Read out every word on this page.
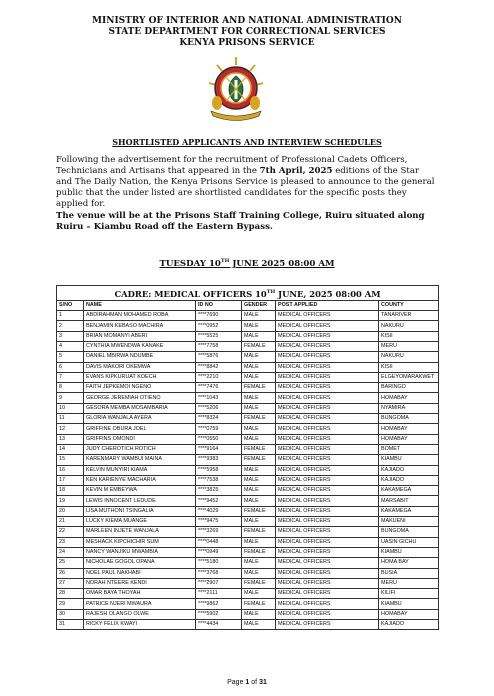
MINISTRY OF INTERIOR AND NATIONAL ADMINISTRATION
STATE DEPARTMENT FOR CORRECTIONAL SERVICES
KENYA PRISONS SERVICE
SHORTLISTED APPLICANTS AND INTERVIEW SCHEDULES
Following the advertisement for the recruitment of Professional Cadets Officers, Technicians and Artisans that appeared in the 7th April, 2025 editions of the Star and The Daily Nation, the Kenya Prisons Service is pleased to announce to the general public that the under listed are shortlisted candidates for the specific posts they applied for.
The venue will be at the Prisons Staff Training College, Ruiru situated along Ruiru – Kiambu Road off the Eastern Bypass.
TUESDAY 10TH JUNE 2025 08:00 AM
CADRE: MEDICAL OFFICERS 10TH JUNE, 2025 08:00 AM					
S/NO	NAME	ID NO	GENDER	POST APPLIED	COUNTY
1	ABDIRAHMAN MOHAMED ROBA	****7690	MALE	MEDICAL OFFICERS	TANARIVER
2	BENJAMIN KEBASO MACHIRA	****0952	MALE	MEDICAL OFFICERS	NAKURU
3	BRIAN MOMANYI ABERI	****5525	MALE	MEDICAL OFFICERS	KISII
4	CYNTHIA MWENDWA KANAKE	****7758	FEMALE	MEDICAL OFFICERS	MERU
5	DANIEL MBIRWA NDUMBE	****5876	MALE	MEDICAL OFFICERS	NAKURU
6	DAVIS MAKORI OKEMWA	****8842	MALE	MEDICAL OFFICERS	KISII
7	EVANS KIPKURUAT KOECH	****2210	MALE	MEDICAL OFFICERS	ELGEYOMARAKWET
8	FAITH JEPKEMOI NGENO	****7476	FEMALE	MEDICAL OFFICERS	BARINGO
9	GEORGE JEREMIAH OTIENO	****1043	MALE	MEDICAL OFFICERS	HOMABAY
10	GESORA MEMBA MOSAMBARIA	****5206	MALE	MEDICAL OFFICERS	NYAMIRA
11	GLORIA WANJALA AYERA	****8324	FEMALE	MEDICAL OFFICERS	BUNGOMA
12	GRIFFINE OBURA JOEL	****0759	MALE	MEDICAL OFFICERS	HOMABAY
13	GRIFFINS OMONDI	****0550	MALE	MEDICAL OFFICERS	HOMABAY
14	JUDY CHEROTICH ROTICH	****9164	FEMALE	MEDICAL OFFICERS	BOMET
15	KARENMARY WAMBUI MAINA	****9383	FEMALE	MEDICAL OFFICERS	KIAMBU
16	KELVIN MUNYIRI KIAMA	****5958	MALE	MEDICAL OFFICERS	KAJIADO
17	KEN KARIENYE MACHARIA	****7538	MALE	MEDICAL OFFICERS	KAJIADO
18	KEVIN M EMBEYWA	****3825	MALE	MEDICAL OFFICERS	KAKAMEGA
19	LEWIS INNOCENT LEDUDE	****9452	MALE	MEDICAL OFFICERS	MARSABIT
20	LISA MUTHONI TSINGALIA	****4029	FEMALE	MEDICAL OFFICERS	KAKAMEGA
21	LUCKY KIEMA MUANGE	****9475	MALE	MEDICAL OFFICERS	MAKUENI
22	MARLEEN INJETE WANJALA	****3269	FEMALE	MEDICAL OFFICERS	BUNGOMA
23	MESHACK KIPCHICHIR SUM	****0448	MALE	MEDICAL OFFICERS	UASIN GICHU
24	NANCY WANJIKU MWAMBIA	****0949	FEMALE	MEDICAL OFFICERS	KIAMBU
25	NICHOLAE GOGOL OPANA	****5180	MALE	MEDICAL OFFICERS	HOMA BAY
26	NOEL PAUL NAKHABI	****3768	MALE	MEDICAL OFFICERS	BUSIA
27	NORAH NTEERE KENDI	****2907	FEMALE	MEDICAL OFFICERS	MERU
28	OMAR BAYA THOYAH	****2111	MALE	MEDICAL OFFICERS	KILIFI
29	PATRICE NJERI MWAURA	****9862	FEMALE	MEDICAL OFFICERS	KIAMBU
30	RAJESH OLANGO OLWE	****5902	MALE	MEDICAL OFFICERS	HOMABAY
31	RICKY FELIX KWAYI	****4434	MALE	MEDICAL OFFICERS	KAJIADO
Page 1 of 31
